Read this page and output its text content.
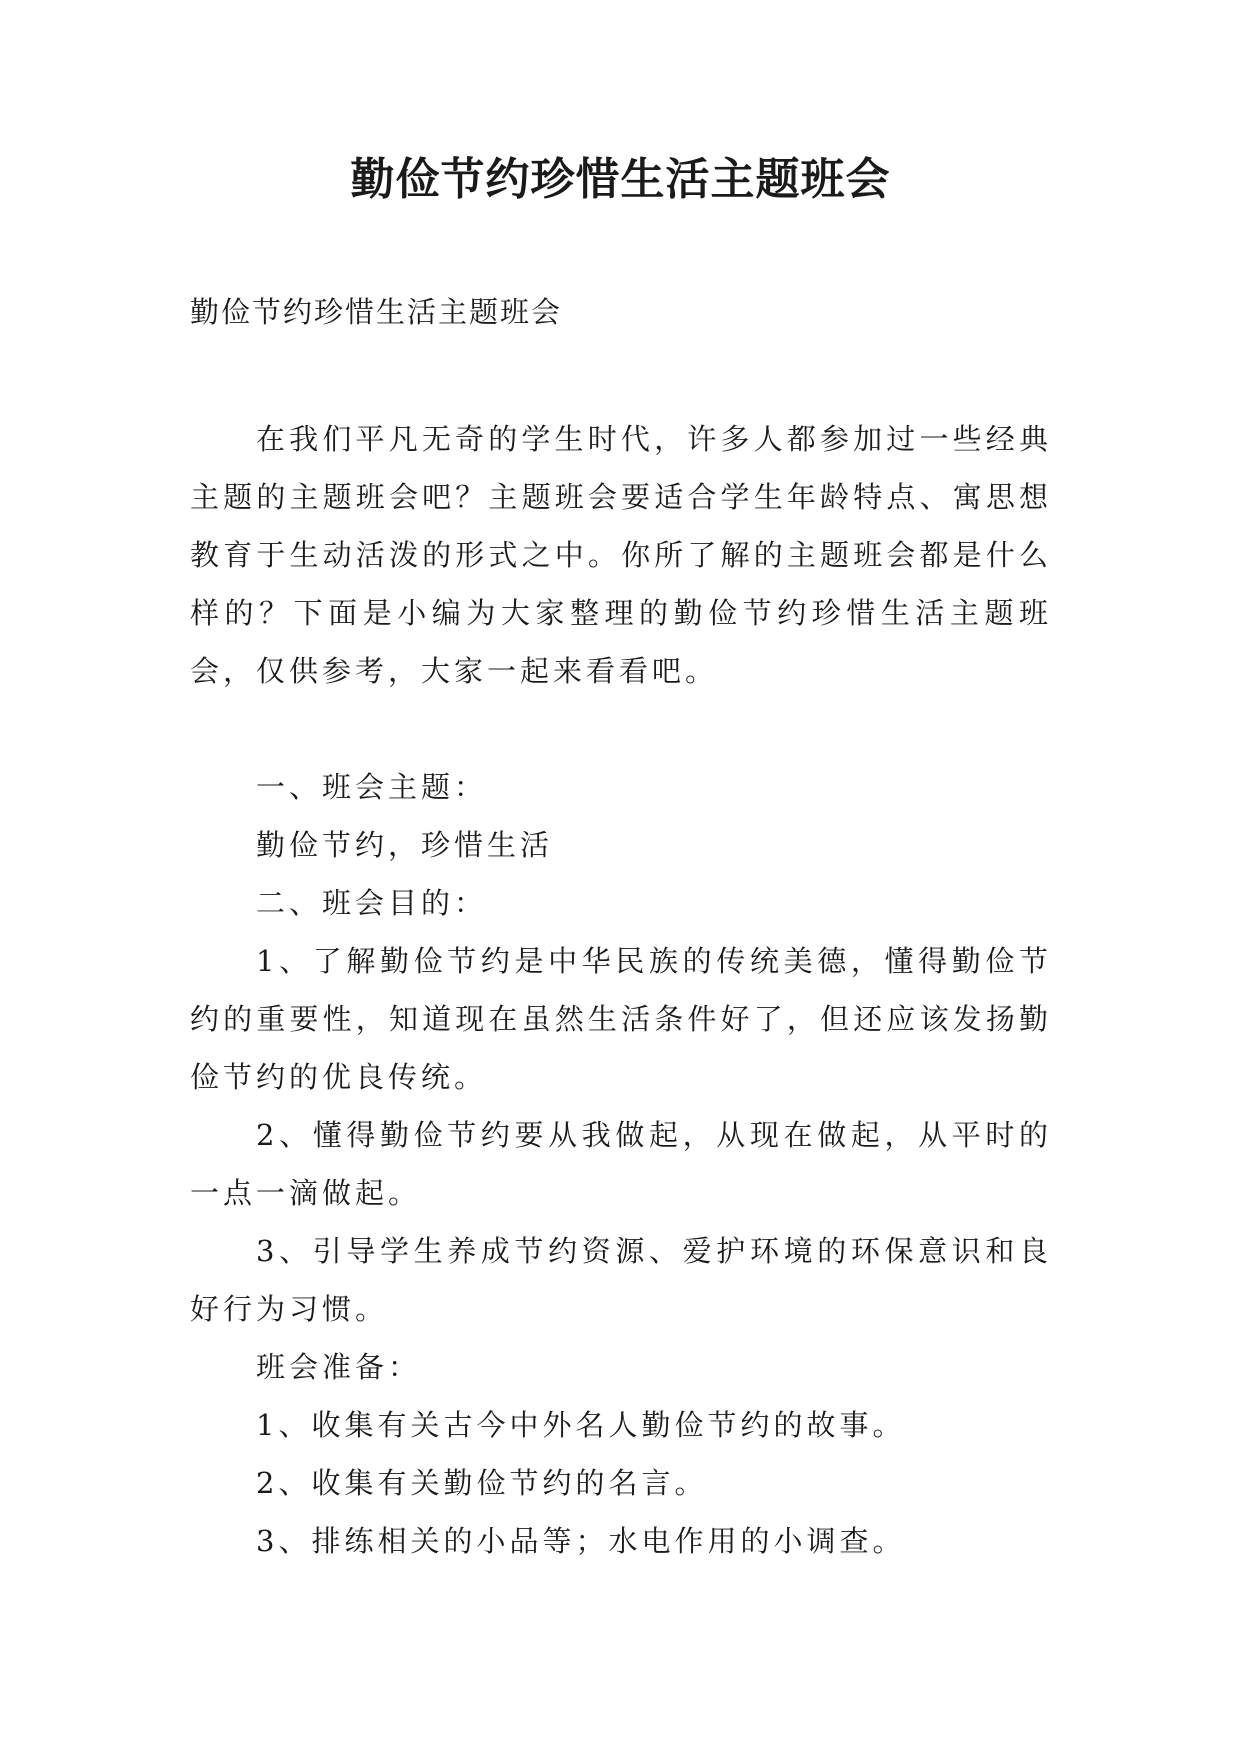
勤俭节约珍惜生活主题班会

勤俭节约珍惜生活主题班会

在我们平凡无奇的学生时代，许多人都参加过一些经典主题的主题班会吧？主题班会要适合学生年龄特点、寓思想教育于生动活泼的形式之中。你所了解的主题班会都是什么样的？下面是小编为大家整理的勤俭节约珍惜生活主题班会，仅供参考，大家一起来看看吧。

一、班会主题：

勤俭节约，珍惜生活

二、班会目的：

1、了解勤俭节约是中华民族的传统美德，懂得勤俭节约的重要性，知道现在虽然生活条件好了，但还应该发扬勤俭节约的优良传统。

2、懂得勤俭节约要从我做起，从现在做起，从平时的一点一滴做起。

3、引导学生养成节约资源、爱护环境的环保意识和良好行为习惯。

班会准备：

1、收集有关古今中外名人勤俭节约的故事。

2、收集有关勤俭节约的名言。

3、排练相关的小品等；水电作用的小调查。
